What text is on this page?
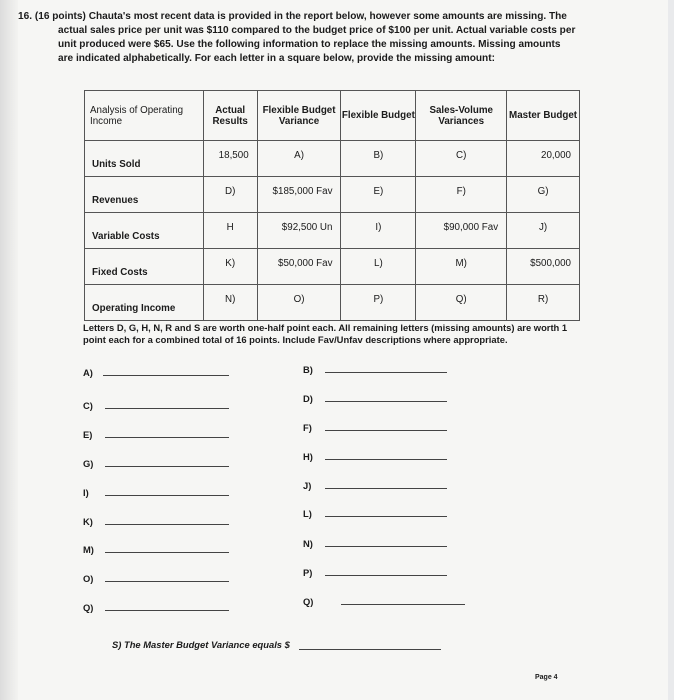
16. (16 points) Chauta's most recent data is provided in the report below, however some amounts are missing. The actual sales price per unit was $110 compared to the budget price of $100 per unit. Actual variable costs per unit produced were $65. Use the following information to replace the missing amounts. Missing amounts are indicated alphabetically. For each letter in a square below, provide the missing amount:
Analysis of Operating Income	Actual Results	Flexible Budget Variance	Flexible Budget	Sales-Volume Variances	Master Budget

Units Sold	18,500	A)	B)	C)	20,000

Revenues	D)	$185,000 Fav	E)	F)	G)

Variable Costs	H	$92,500 Un	I)	$90,000 Fav	J)

Fixed Costs	K)	$50,000 Fav	L)	M)	$500,000

Operating Income	N)	O)	P)	Q)	R)
Letters D, G, H, N, R and S are worth one-half point each. All remaining letters (missing amounts) are worth 1 point each for a combined total of 16 points. Include Fav/Unfav descriptions where appropriate.
A)
C)
E)
G)
I)
K)
M)
O)
Q)
B)
D)
F)
H)
J)
L)
N)
P)
Q)
S) The Master Budget Variance equals $
Page 4
